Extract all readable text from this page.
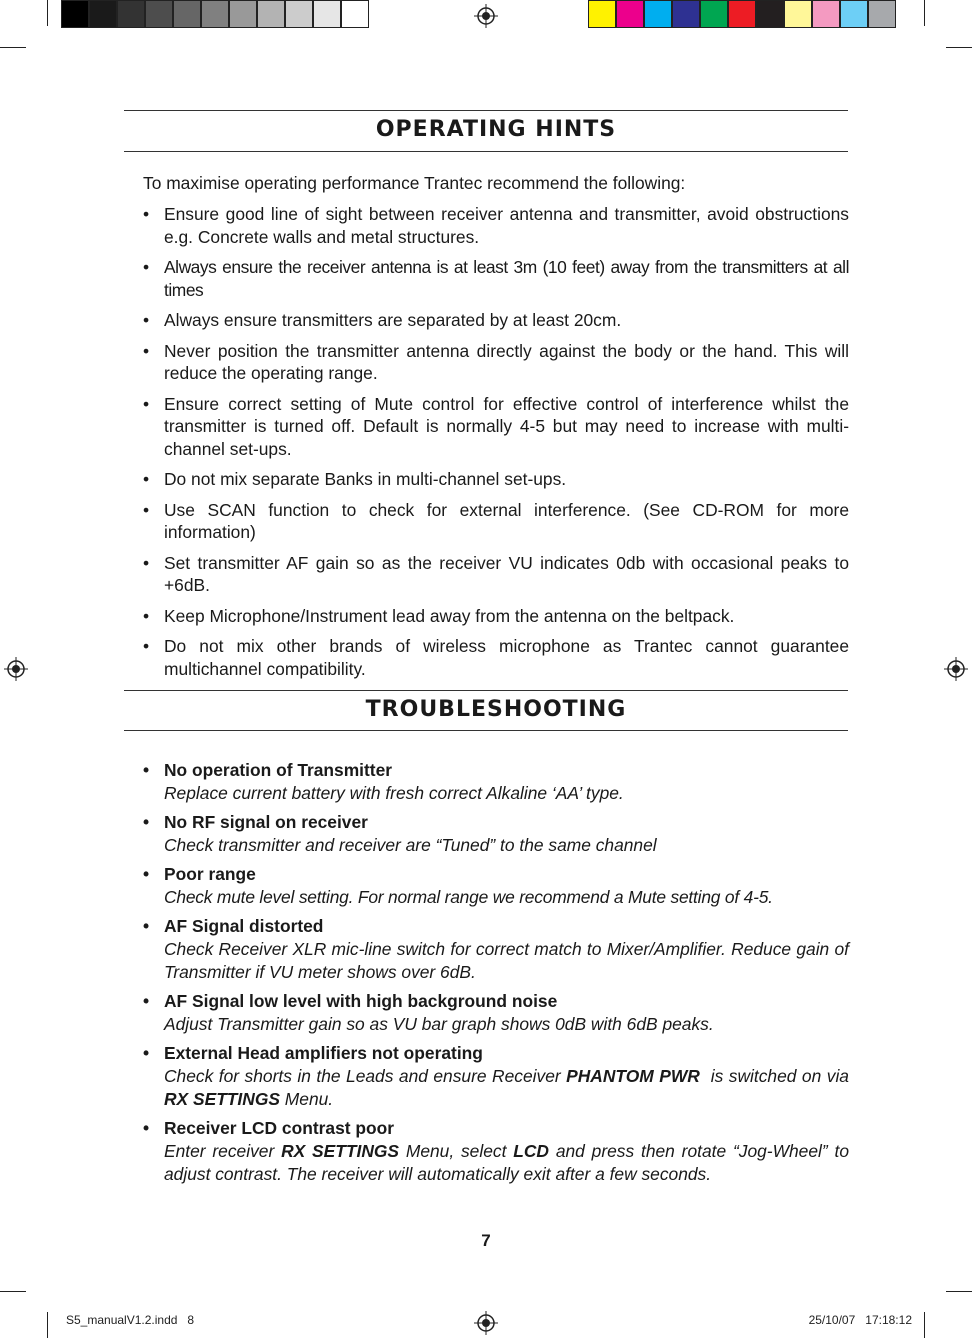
OPERATING HINTS
To maximise operating performance Trantec recommend the following:
• Ensure good line of sight between receiver antenna and transmitter, avoid obstructions e.g. Concrete walls and metal structures.
• Always ensure the receiver antenna is at least 3m (10 feet) away from the transmitters at all times
• Always ensure transmitters are separated by at least 20cm.
• Never position the transmitter antenna directly against the body or the hand. This will reduce the operating range.
• Ensure correct setting of Mute control for effective control of interference whilst the transmitter is turned off. Default is normally 4-5 but may need to increase with multi-channel set-ups.
• Do not mix separate Banks in multi-channel set-ups.
• Use SCAN function to check for external interference. (See CD-ROM for more information)
• Set transmitter AF gain so as the receiver VU indicates 0db with occasional peaks to +6dB.
• Keep Microphone/Instrument lead away from the antenna on the beltpack.
• Do not mix other brands of wireless microphone as Trantec cannot guarantee multichannel compatibility.
TROUBLESHOOTING
• No operation of Transmitter
Replace current battery with fresh correct Alkaline ‘AA’ type.
• No RF signal on receiver
Check transmitter and receiver are “Tuned” to the same channel
• Poor range
Check mute level setting. For normal range we recommend a Mute setting of 4-5.
• AF Signal distorted
Check Receiver XLR mic-line switch for correct match to Mixer/Amplifier. Reduce gain of Transmitter if VU meter shows over 6dB.
• AF Signal low level with high background noise
Adjust Transmitter gain so as VU bar graph shows 0dB with 6dB peaks.
• External Head amplifiers not operating
Check for shorts in the Leads and ensure Receiver PHANTOM PWR  is switched on via RX SETTINGS Menu.
• Receiver LCD contrast poor
Enter receiver RX SETTINGS Menu, select LCD and press then rotate “Jog-Wheel” to adjust contrast. The receiver will automatically exit after a few seconds.
7
S5_manualV1.2.indd   8	25/10/07   17:18:12
